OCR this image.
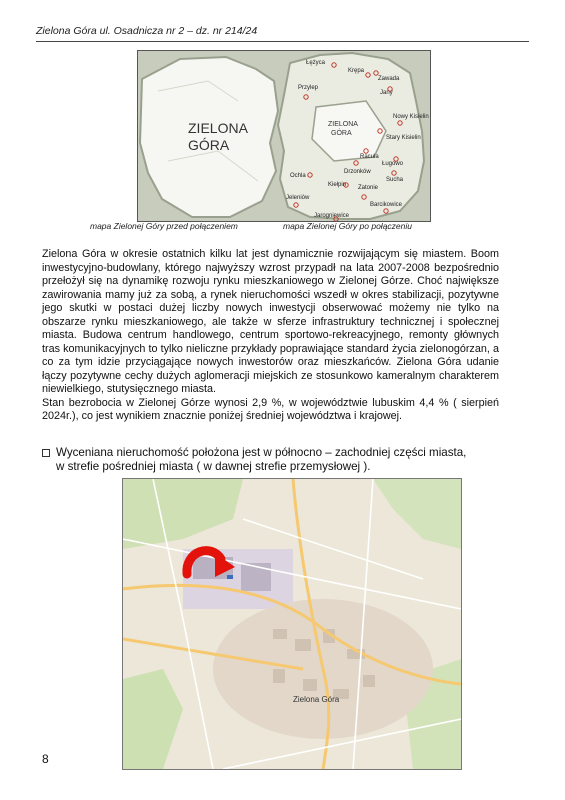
Zielona Góra ul. Osadnicza nr 2 – dz. nr 214/24
ZIELONA
GÓRA
ZIELONA
GÓRA
Łężyca
Krępa
Zawada
Przylep
Jany
Nowy Kisielin
Stary Kisielin
Racula
Drzonków
Ługowo
Sucha
Ochla
Kiełpin Zatonie
Jeleniów
Barcikowice
Jarogniewice
mapa Zielonej Góry przed połączeniem	mapa Zielonej Góry po połączeniu

Zielona Góra w okresie ostatnich kilku lat jest dynamicznie rozwijającym się miastem. Boom inwestycyjno-budowlany, którego najwyższy wzrost przypadł na lata 2007-2008 bezpośrednio przełożył się na dynamikę rozwoju rynku mieszkaniowego w Zielonej Górze. Choć największe zawirowania mamy już za sobą, a rynek nieruchomości wszedł w okres stabilizacji, pozytywne jego skutki w postaci dużej liczby nowych inwestycji obserwować możemy nie tylko na obszarze rynku mieszkaniowego, ale także w sferze infrastruktury technicznej i społecznej miasta. Budowa centrum handlowego, centrum sportowo-rekreacyjnego, remonty głównych tras komunikacyjnych to tylko nieliczne przykłady poprawiające standard życia zielonogórzan, a co za tym idzie przyciągające nowych inwestorów oraz mieszkańców. Zielona Góra udanie łączy pozytywne cechy dużych aglomeracji miejskich ze stosunkowo kameralnym charakterem niewielkiego, stutysięcznego miasta.

Stan bezrobocia w Zielonej Górze wynosi 2,9 %, w województwie lubuskim 4,4 % ( sierpień 2024r.), co jest wynikiem znacznie poniżej średniej województwa i krajowej.

Wyceniana nieruchomość położona jest w północno – zachodniej części miasta,
w strefie pośredniej miasta ( w dawnej strefie przemysłowej ).
Zielona Góra
8
